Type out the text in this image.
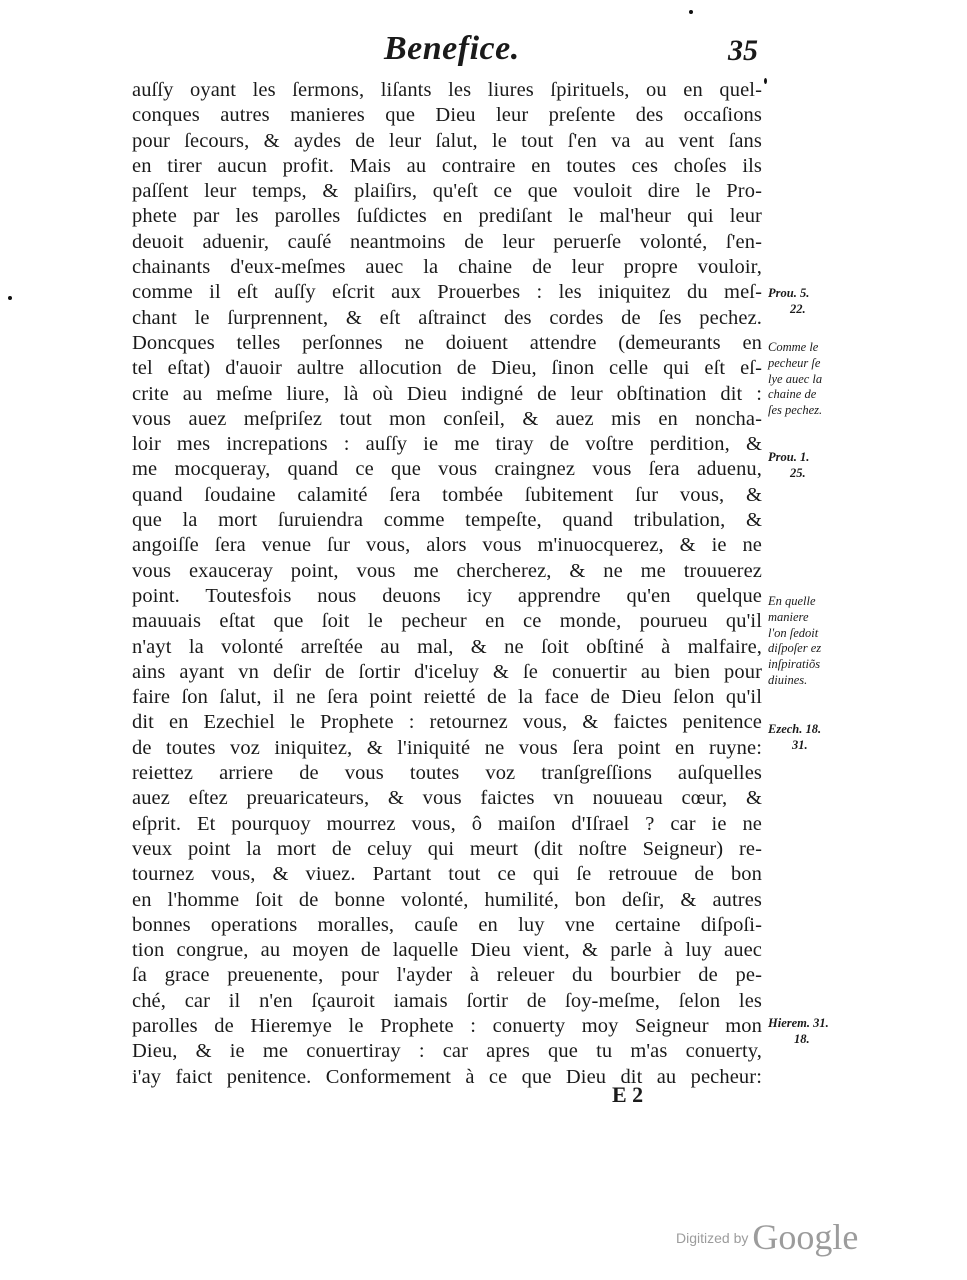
Benefice.	35
auſſy oyant les ſermons, liſants les liures ſpirituels, ou en quel-
conques autres manieres que Dieu leur preſente des occaſions
pour ſecours, & aydes de leur ſalut, le tout ſ'en va au vent ſans
en tirer aucun profit. Mais au contraire en toutes ces choſes ils
paſſent leur temps, & plaiſirs, qu'eſt ce que vouloit dire le Pro-
phete par les parolles ſuſdictes en prediſant le mal'heur qui leur
deuoit aduenir, cauſé neantmoins de leur peruerſe volonté, ſ'en-
chainants d'eux-meſmes auec la chaine de leur propre vouloir,
comme il eſt auſſy eſcrit aux Prouerbes : les iniquitez du meſ-
chant le ſurprennent, & eſt aſtrainct des cordes de ſes pechez.
Doncques telles perſonnes ne doiuent attendre (demeurants en
tel eſtat) d'auoir aultre allocution de Dieu, ſinon celle qui eſt eſ-
crite au meſme liure, là où Dieu indigné de leur obſtination dit :
vous auez meſpriſez tout mon conſeil, & auez mis en noncha-
loir mes increpations : auſſy ie me tiray de voſtre perdition, &
me mocqueray, quand ce que vous craingnez vous ſera aduenu,
quand ſoudaine calamité ſera tombée ſubitement ſur vous, &
que la mort ſuruiendra comme tempeſte, quand tribulation, &
angoiſſe ſera venue ſur vous, alors vous m'inuocquerez, & ie ne
vous exauceray point, vous me chercherez, & ne me trouuerez
point. Toutesfois nous deuons icy apprendre qu'en quelque
mauuais eſtat que ſoit le pecheur en ce monde, pourueu qu'il
n'ayt la volonté arreſtée au mal, & ne ſoit obſtiné à malfaire,
ains ayant vn deſir de ſortir d'iceluy & ſe conuertir au bien pour
faire ſon ſalut, il ne ſera point reietté de la face de Dieu ſelon qu'il
dit en Ezechiel le Prophete : retournez vous, & faictes penitence
de toutes voz iniquitez, & l'iniquité ne vous ſera point en ruyne:
reiettez arriere de vous toutes voz tranſgreſſions auſquelles
auez eſtez preuaricateurs, & vous faictes vn nouueau cœur, &
eſprit. Et pourquoy mourrez vous, ô maiſon d'Iſrael ? car ie ne
veux point la mort de celuy qui meurt (dit noſtre Seigneur) re-
tournez vous, & viuez. Partant tout ce qui ſe retrouue de bon
en l'homme ſoit de bonne volonté, humilité, bon deſir, & autres
bonnes operations moralles, cauſe en luy vne certaine diſpoſi-
tion congrue, au moyen de laquelle Dieu vient, & parle à luy auec
ſa grace preuenente, pour l'ayder à releuer du bourbier de pe-
ché, car il n'en ſçauroit iamais ſortir de ſoy-meſme, ſelon les
parolles de Hieremye le Prophete : conuerty moy Seigneur mon
Dieu, & ie me conuertiray : car apres que tu m'as conuerty,
i'ay faict penitence. Conformement à ce que Dieu dit au pecheur:
Prou. 5.
22.
Comme le
pecheur ſe
lye auec la
chaine de
ſes pechez.
Prou. 1.
25.
En quelle
maniere
l'on ſedoit
diſpoſer ez
inſpiratiõs
diuines.
Ezech. 18.
31.
Hierem. 31.
18.
E 2
Digitized by Google
